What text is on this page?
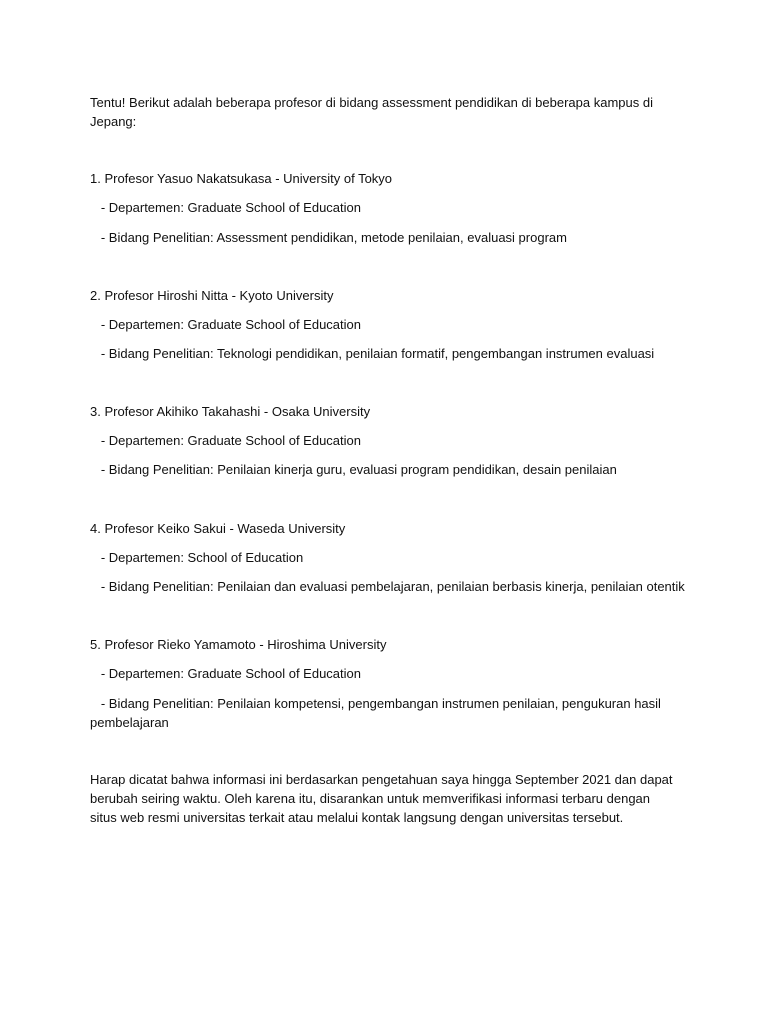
Tentu! Berikut adalah beberapa profesor di bidang assessment pendidikan di beberapa kampus di Jepang:

1. Profesor Yasuo Nakatsukasa - University of Tokyo

- Departemen: Graduate School of Education

- Bidang Penelitian: Assessment pendidikan, metode penilaian, evaluasi program

2. Profesor Hiroshi Nitta - Kyoto University

- Departemen: Graduate School of Education

- Bidang Penelitian: Teknologi pendidikan, penilaian formatif, pengembangan instrumen evaluasi

3. Profesor Akihiko Takahashi - Osaka University

- Departemen: Graduate School of Education

- Bidang Penelitian: Penilaian kinerja guru, evaluasi program pendidikan, desain penilaian

4. Profesor Keiko Sakui - Waseda University

- Departemen: School of Education

- Bidang Penelitian: Penilaian dan evaluasi pembelajaran, penilaian berbasis kinerja, penilaian otentik

5. Profesor Rieko Yamamoto - Hiroshima University

- Departemen: Graduate School of Education

- Bidang Penelitian: Penilaian kompetensi, pengembangan instrumen penilaian, pengukuran hasil pembelajaran

Harap dicatat bahwa informasi ini berdasarkan pengetahuan saya hingga September 2021 dan dapat berubah seiring waktu. Oleh karena itu, disarankan untuk memverifikasi informasi terbaru dengan situs web resmi universitas terkait atau melalui kontak langsung dengan universitas tersebut.
